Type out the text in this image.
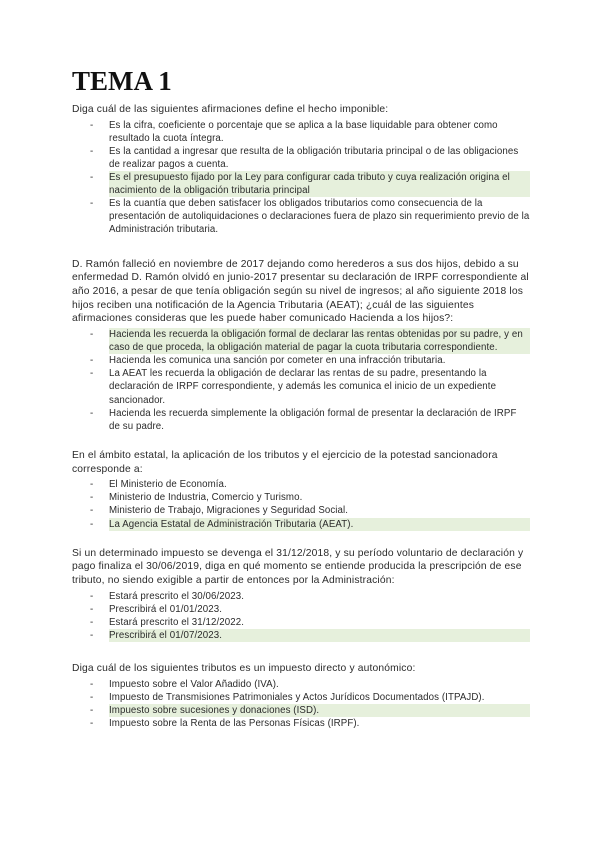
TEMA 1

Diga cuál de las siguientes afirmaciones define el hecho imponible:

- Es la cifra, coeficiente o porcentaje que se aplica a la base liquidable para obtener como resultado la cuota íntegra.
- Es la cantidad a ingresar que resulta de la obligación tributaria principal o de las obligaciones de realizar pagos a cuenta.
- Es el presupuesto fijado por la Ley para configurar cada tributo y cuya realización origina el nacimiento de la obligación tributaria principal
- Es la cuantía que deben satisfacer los obligados tributarios como consecuencia de la presentación de autoliquidaciones o declaraciones fuera de plazo sin requerimiento previo de la Administración tributaria.

D. Ramón falleció en noviembre de 2017 dejando como herederos a sus dos hijos, debido a su enfermedad D. Ramón olvidó en junio-2017 presentar su declaración de IRPF correspondiente al año 2016, a pesar de que tenía obligación según su nivel de ingresos; al año siguiente 2018 los hijos reciben una notificación de la Agencia Tributaria (AEAT); ¿cuál de las siguientes afirmaciones consideras que les puede haber comunicado Hacienda a los hijos?:

- Hacienda les recuerda la obligación formal de declarar las rentas obtenidas por su padre, y en caso de que proceda, la obligación material de pagar la cuota tributaria correspondiente.
- Hacienda les comunica una sanción por cometer en una infracción tributaria.
- La AEAT les recuerda la obligación de declarar las rentas de su padre, presentando la declaración de IRPF correspondiente, y además les comunica el inicio de un expediente sancionador.
- Hacienda les recuerda simplemente la obligación formal de presentar la declaración de IRPF de su padre.

En el ámbito estatal, la aplicación de los tributos y el ejercicio de la potestad sancionadora corresponde a:

- El Ministerio de Economía.
- Ministerio de Industria, Comercio y Turismo.
- Ministerio de Trabajo, Migraciones y Seguridad Social.
- La Agencia Estatal de Administración Tributaria (AEAT).

Si un determinado impuesto se devenga el 31/12/2018, y su período voluntario de declaración y pago finaliza el 30/06/2019, diga en qué momento se entiende producida la prescripción de ese tributo, no siendo exigible a partir de entonces por la Administración:

- Estará prescrito el 30/06/2023.
- Prescribirá el 01/01/2023.
- Estará prescrito el 31/12/2022.
- Prescribirá el 01/07/2023.

Diga cuál de los siguientes tributos es un impuesto directo y autonómico:

- Impuesto sobre el Valor Añadido (IVA).
- Impuesto de Transmisiones Patrimoniales y Actos Jurídicos Documentados (ITPAJD).
- Impuesto sobre sucesiones y donaciones (ISD).
- Impuesto sobre la Renta de las Personas Físicas (IRPF).
